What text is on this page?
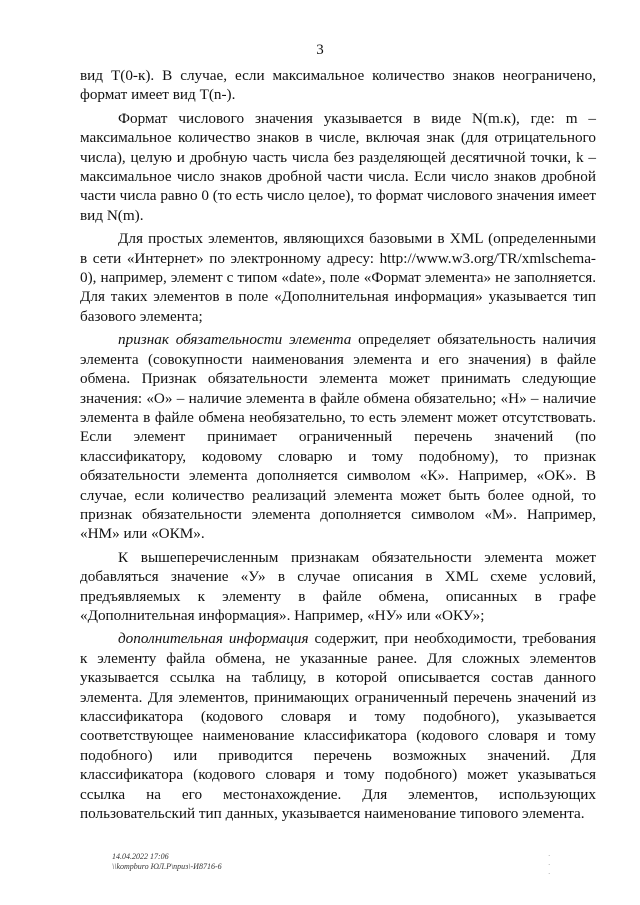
3

вид T(0-к). В случае, если максимальное количество знаков неограничено, формат имеет вид T(n-).

Формат числового значения указывается в виде N(m.к), где: m – максимальное количество знаков в числе, включая знак (для отрицательного числа), целую и дробную часть числа без разделяющей десятичной точки, k – максимальное число знаков дробной части числа. Если число знаков дробной части числа равно 0 (то есть число целое), то формат числового значения имеет вид N(m).

Для простых элементов, являющихся базовыми в XML (определенными в сети «Интернет» по электронному адресу: http://www.w3.org/TR/xmlschema-0), например, элемент с типом «date», поле «Формат элемента» не заполняется. Для таких элементов в поле «Дополнительная информация» указывается тип базового элемента;

признак обязательности элемента определяет обязательность наличия элемента (совокупности наименования элемента и его значения) в файле обмена. Признак обязательности элемента может принимать следующие значения: «О» – наличие элемента в файле обмена обязательно; «Н» – наличие элемента в файле обмена необязательно, то есть элемент может отсутствовать. Если элемент принимает ограниченный перечень значений (по классификатору, кодовому словарю и тому подобному), то признак обязательности элемента дополняется символом «К». Например, «ОК». В случае, если количество реализаций элемента может быть более одной, то признак обязательности элемента дополняется символом «М». Например, «НМ» или «ОКМ».

К вышеперечисленным признакам обязательности элемента может добавляться значение «У» в случае описания в XML схеме условий, предъявляемых к элементу в файле обмена, описанных в графе «Дополнительная информация». Например, «НУ» или «ОКУ»;

дополнительная информация содержит, при необходимости, требования к элементу файла обмена, не указанные ранее. Для сложных элементов указывается ссылка на таблицу, в которой описывается состав данного элемента. Для элементов, принимающих ограниченный перечень значений из классификатора (кодового словаря и тому подобного), указывается соответствующее наименование классификатора (кодового словаря и тому подобного) или приводится перечень возможных значений. Для классификатора (кодового словаря и тому подобного) может указываться ссылка на его местонахождение. Для элементов, использующих пользовательский тип данных, указывается наименование типового элемента.

14.04.2022 17:06
\\kompburo ЮЛ.Р\приз\-И8716-6
·
·
·
